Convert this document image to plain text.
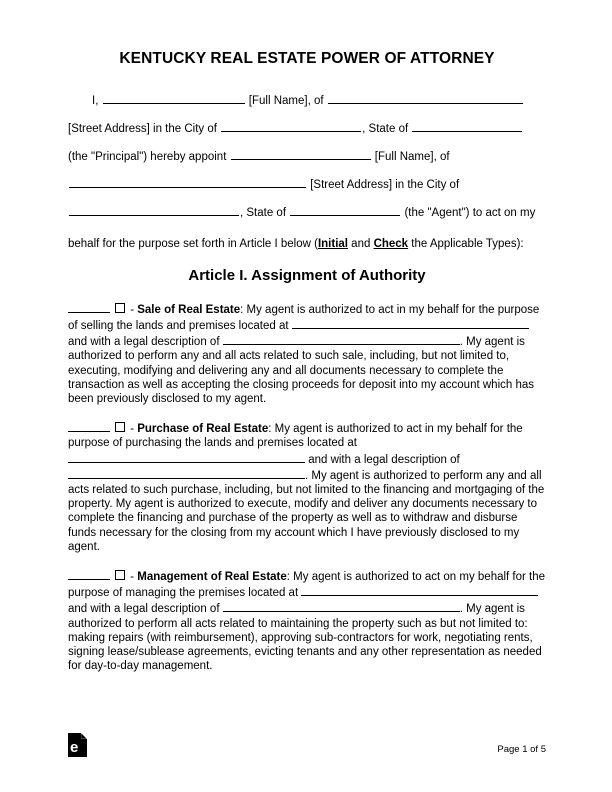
KENTUCKY REAL ESTATE POWER OF ATTORNEY

I,	[Full Name], of
[Street Address] in the City of	, State of
(the "Principal") hereby appoint	[Full Name], of
[Street Address] in the City of
, State of	(the "Agent") to act on my

behalf for the purpose set forth in Article I below (Initial and Check the Applicable Types):

Article I. Assignment of Authority

- Sale of Real Estate: My agent is authorized to act in my behalf for the purpose of selling the lands and premises located at  and with a legal description of	. My agent is authorized to perform any and all acts related to such sale, including, but not limited to, executing, modifying and delivering any and all documents necessary to complete the transaction as well as accepting the closing proceeds for deposit into my account which has been previously disclosed to my agent.

- Purchase of Real Estate: My agent is authorized to act in my behalf for the purpose of purchasing the lands and premises located at  and with a legal description of . My agent is authorized to perform any and all acts related to such purchase, including, but not limited to the financing and mortgaging of the property. My agent is authorized to execute, modify and deliver any documents necessary to complete the financing and purchase of the property as well as to withdraw and disburse funds necessary for the closing from my account which I have previously disclosed to my agent.

- Management of Real Estate: My agent is authorized to act on my behalf for the purpose of managing the premises located at  and with a legal description of	. My agent is authorized to perform all acts related to maintaining the property such as but not limited to: making repairs (with reimbursement), approving sub-contractors for work, negotiating rents, signing lease/sublease agreements, evicting tenants and any other representation as needed for day-to-day management.

e	Page 1 of 5
